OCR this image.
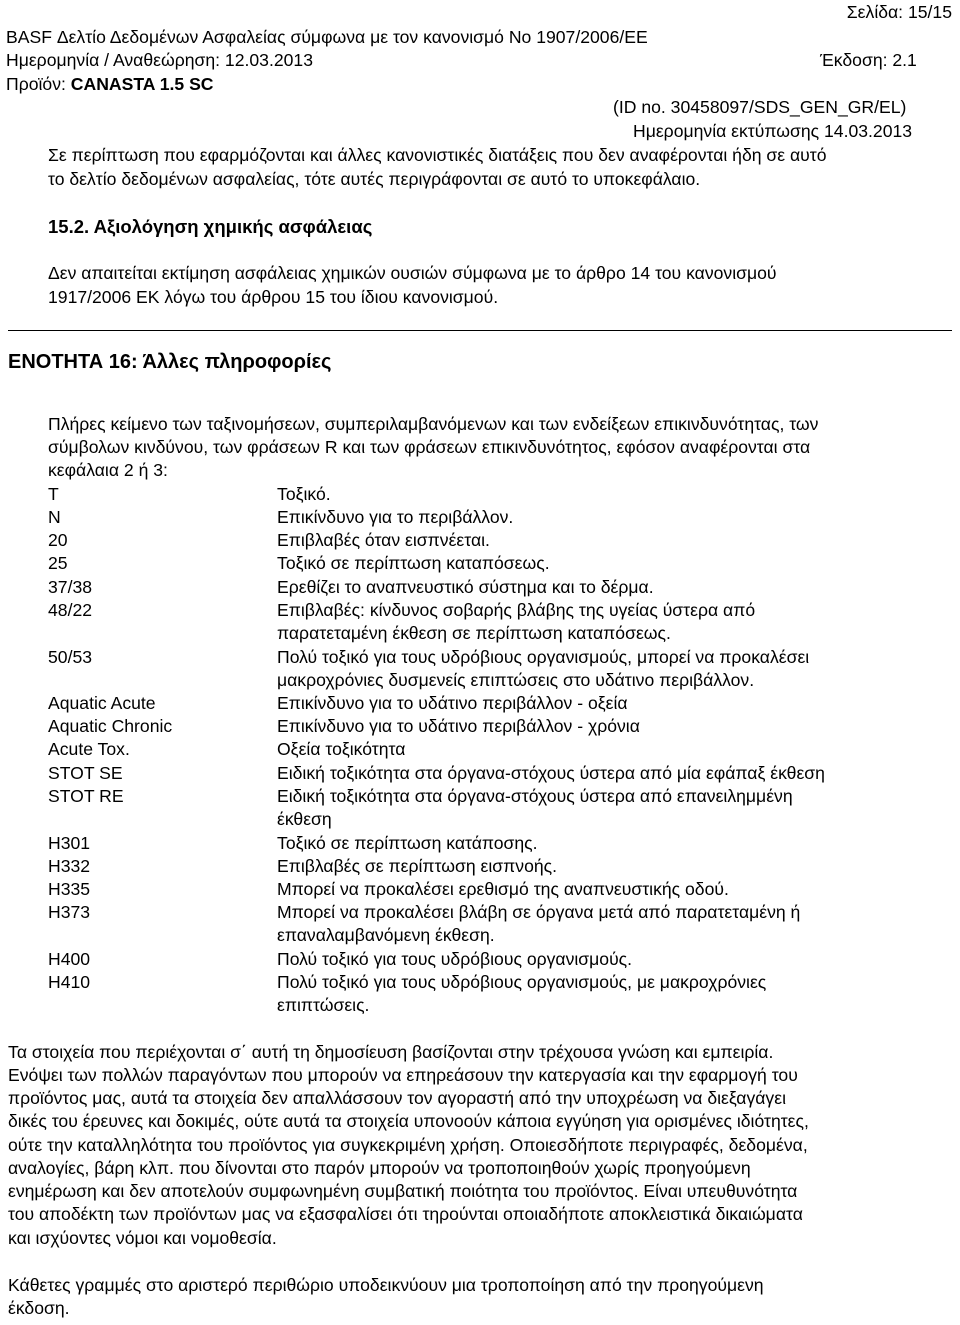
Σελίδα: 15/15
BASF Δελτίο Δεδομένων Ασφαλείας σύμφωνα με τον κανονισμό Νο 1907/2006/ΕΕ
Ημερομηνία / Αναθεώρηση: 12.03.2013	Έκδοση: 2.1
Προϊόν: CANASTA 1.5 SC
(ID no. 30458097/SDS_GEN_GR/EL)
Ημερομηνία εκτύπωσης 14.03.2013
Σε περίπτωση που εφαρμόζονται και άλλες κανονιστικές διατάξεις που δεν αναφέρονται ήδη σε αυτό
το δελτίο δεδομένων ασφαλείας, τότε αυτές περιγράφονται σε αυτό το υποκεφάλαιο.
15.2. Αξιολόγηση χημικής ασφάλειας
Δεν απαιτείται εκτίμηση ασφάλειας χημικών ουσιών σύμφωνα με το άρθρο 14 του κανονισμού
1917/2006 ΕΚ λόγω του άρθρου 15 του ίδιου κανονισμού.
ΕΝΟΤΗΤΑ 16: Άλλες πληροφορίες
Πλήρες κείμενο των ταξινομήσεων, συμπεριλαμβανόμενων και των ενδείξεων επικινδυνότητας, των
σύμβολων κινδύνου, των φράσεων R και των φράσεων επικινδυνότητος, εφόσον αναφέρονται στα
κεφάλαια 2 ή 3:
T	Τοξικό.
N	Επικίνδυνο για το περιβάλλον.
20	Επιβλαβές όταν εισπνέεται.
25	Τοξικό σε περίπτωση καταπόσεως.
37/38	Ερεθίζει το αναπνευστικό σύστημα και το δέρμα.
48/22	Επιβλαβές: κίνδυνος σοβαρής βλάβης της υγείας ύστερα από
παρατεταμένη έκθεση σε περίπτωση καταπόσεως.
50/53	Πολύ τοξικό για τους υδρόβιους οργανισμούς, μπορεί να προκαλέσει
μακροχρόνιες δυσμενείς επιπτώσεις στο υδάτινο περιβάλλον.
Aquatic Acute	Επικίνδυνο για το υδάτινο περιβάλλον - οξεία
Aquatic Chronic	Επικίνδυνο για το υδάτινο περιβάλλον - χρόνια
Acute Tox.	Οξεία τοξικότητα
STOT SE	Ειδική τοξικότητα στα όργανα-στόχους ύστερα από μία εφάπαξ έκθεση
STOT RE	Ειδική τοξικότητα στα όργανα-στόχους ύστερα από επανειλημμένη
έκθεση
H301	Τοξικό σε περίπτωση κατάποσης.
H332	Επιβλαβές σε περίπτωση εισπνοής.
H335	Μπορεί να προκαλέσει ερεθισμό της αναπνευστικής οδού.
H373	Μπορεί να προκαλέσει βλάβη σε όργανα μετά από παρατεταμένη ή
επαναλαμβανόμενη έκθεση.
H400	Πολύ τοξικό για τους υδρόβιους οργανισμούς.
H410	Πολύ τοξικό για τους υδρόβιους οργανισμούς, με μακροχρόνιες
επιπτώσεις.
Τα στοιχεία που περιέχονται σ΄ αυτή τη δημοσίευση βασίζονται στην τρέχουσα γνώση και εμπειρία.
Ενόψει των πολλών παραγόντων που μπορούν να επηρεάσουν την κατεργασία και την εφαρμογή του
προϊόντος μας, αυτά τα στοιχεία δεν απαλλάσσουν τον αγοραστή από την υποχρέωση να διεξαγάγει
δικές του έρευνες και δοκιμές, ούτε αυτά τα στοιχεία υπονοούν κάποια εγγύηση για ορισμένες ιδιότητες,
ούτε την καταλληλότητα του προϊόντος για συγκεκριμένη χρήση. Οποιεσδήποτε περιγραφές, δεδομένα,
αναλογίες, βάρη κλπ. που δίνονται στο παρόν μπορούν να τροποποιηθούν χωρίς προηγούμενη
ενημέρωση και δεν αποτελούν συμφωνημένη συμβατική ποιότητα του προϊόντος. Είναι υπευθυνότητα
του αποδέκτη των προϊόντων μας να εξασφαλίσει ότι τηρούνται οποιαδήποτε αποκλειστικά δικαιώματα
και ισχύοντες νόμοι και νομοθεσία.
Κάθετες γραμμές στο αριστερό περιθώριο υποδεικνύουν μια τροποποίηση από την προηγούμενη
έκδοση.
